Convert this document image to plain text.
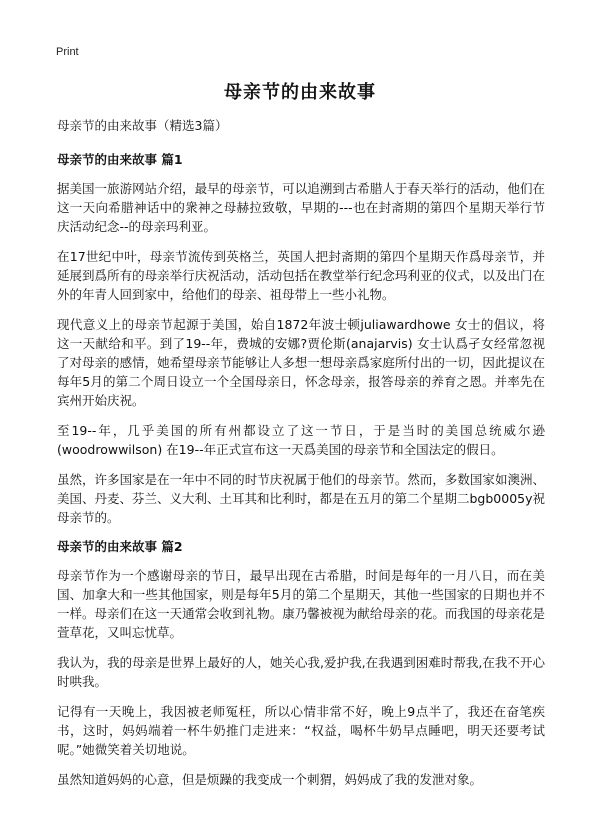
Print
母亲节的由来故事

母亲节的由来故事（精选3篇）

母亲节的由来故事 篇1

据美国一旅游网站介绍，最早的母亲节，可以追溯到古希腊人于春天举行的活动，他们在这一天向希腊神话中的衆神之母赫拉致敬，早期的---也在封斋期的第四个星期天举行节庆活动纪念--的母亲玛利亚。

在17世纪中叶，母亲节流传到英格兰，英国人把封斋期的第四个星期天作爲母亲节，并延展到爲所有的母亲举行庆祝活动，活动包括在教堂举行纪念玛利亚的仪式，以及出门在外的年青人回到家中，给他们的母亲、祖母带上一些小礼物。

现代意义上的母亲节起源于美国，始自1872年波士顿juliawardhowe 女士的倡议，将这一天献给和平。到了19--年，费城的安娜?贾伦斯(anajarvis) 女士认爲孑女经常忽视了对母亲的感情，她希望母亲节能够让人多想一想母亲爲家庭所付出的一切，因此提议在每年5月的第二个周日设立一个全国母亲日，怀念母亲，报答母亲的养育之恩。并率先在宾州开始庆祝。

至19--年，几乎美国的所有州都设立了这一节日，于是当时的美国总统威尔逊(woodrowwilson) 在19--年正式宣布这一天爲美国的母亲节和全国法定的假日。

虽然，许多国家是在一年中不同的时节庆祝属于他们的母亲节。然而，多数国家如澳洲、美国、丹麦、芬兰、义大利、土耳其和比利时，都是在五月的第二个星期二bgb0005y祝母亲节的。

母亲节的由来故事 篇2

母亲节作为一个感谢母亲的节日，最早出现在古希腊，时间是每年的一月八日，而在美国、加拿大和一些其他国家，则是每年5月的第二个星期天，其他一些国家的日期也并不一样。母亲们在这一天通常会收到礼物。康乃馨被视为献给母亲的花。而我国的母亲花是萱草花，又叫忘忧草。

我认为，我的母亲是世界上最好的人，她关心我,爱护我,在我遇到困难时帮我,在我不开心时哄我。

记得有一天晚上，我因被老师冤枉，所以心情非常不好，晚上9点半了，我还在奋笔疾书，这时，妈妈端着一杯牛奶推门走进来：“权益，喝杯牛奶早点睡吧，明天还要考试呢。”她微笑着关切地说。

虽然知道妈妈的心意，但是烦躁的我变成一个刺猬，妈妈成了我的发泄对象。
